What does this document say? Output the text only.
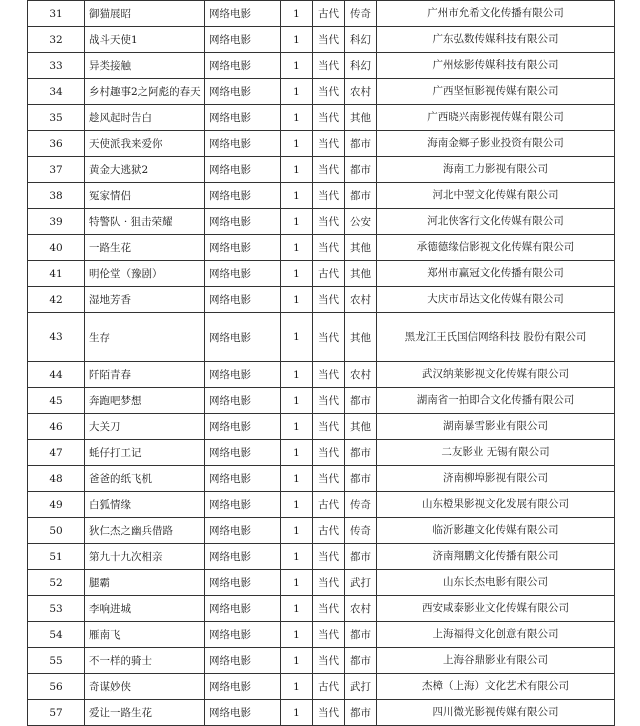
31	御猫展昭	网络电影	1	古代	传奇	广州市允希文化传播有限公司
32	战斗天使1	网络电影	1	当代	科幻	广东弘数传媒科技有限公司
33	异类接触	网络电影	1	当代	科幻	广州炫影传媒科技有限公司
34	乡村趣事2之阿彪的春天	网络电影	1	当代	农村	广西坚恒影视传媒有限公司
35	趁风起时告白	网络电影	1	当代	其他	广西晓兴南影视传媒有限公司
36	天使派我来爱你	网络电影	1	当代	都市	海南金鄉子影业投资有限公司
37	黄金大逃狱2	网络电影	1	当代	都市	海南工力影视有限公司
38	冤家情侣	网络电影	1	当代	都市	河北中翌文化传媒有限公司
39	特警队 · 狙击荣耀	网络电影	1	当代	公安	河北侠客行文化传媒有限公司
40	一路生花	网络电影	1	当代	其他	承德德缘信影视文化传媒有限公司
41	明伦堂（豫剧）	网络电影	1	古代	其他	郑州市赢冠文化传播有限公司
42	湿地芳香	网络电影	1	当代	农村	大庆市昂达文化传媒有限公司
43	生存	网络电影	1	当代	其他	黑龙江王氏国信网络科技 股份有限公司
44	阡陌青春	网络电影	1	当代	农村	武汉纳莱影视文化传媒有限公司
45	奔跑吧梦想	网络电影	1	当代	都市	湖南省一拍即合文化传播有限公司
46	大关刀	网络电影	1	当代	其他	湖南暴雪影业有限公司
47	蚝仔打工记	网络电影	1	当代	都市	二友影业 无锡有限公司
48	爸爸的纸飞机	网络电影	1	当代	都市	济南柳埠影视有限公司
49	白狐情缘	网络电影	1	古代	传奇	山东橙果影视文化发展有限公司
50	狄仁杰之幽兵借路	网络电影	1	古代	传奇	临沂影趣文化传媒有限公司
51	第九十九次相亲	网络电影	1	当代	都市	济南翔鹏文化传播有限公司
52	腿霸	网络电影	1	当代	武打	山东长杰电影有限公司
53	李响进城	网络电影	1	当代	农村	西安咸泰影业文化传媒有限公司
54	雁南飞	网络电影	1	当代	都市	上海福得文化创意有限公司
55	不一样的骑士	网络电影	1	当代	都市	上海谷鼎影业有限公司
56	奇谋妙侠	网络电影	1	古代	武打	杰樟（上海）文化艺术有限公司
57	爱让一路生花	网络电影	1	当代	都市	四川微光影视传媒有限公司
